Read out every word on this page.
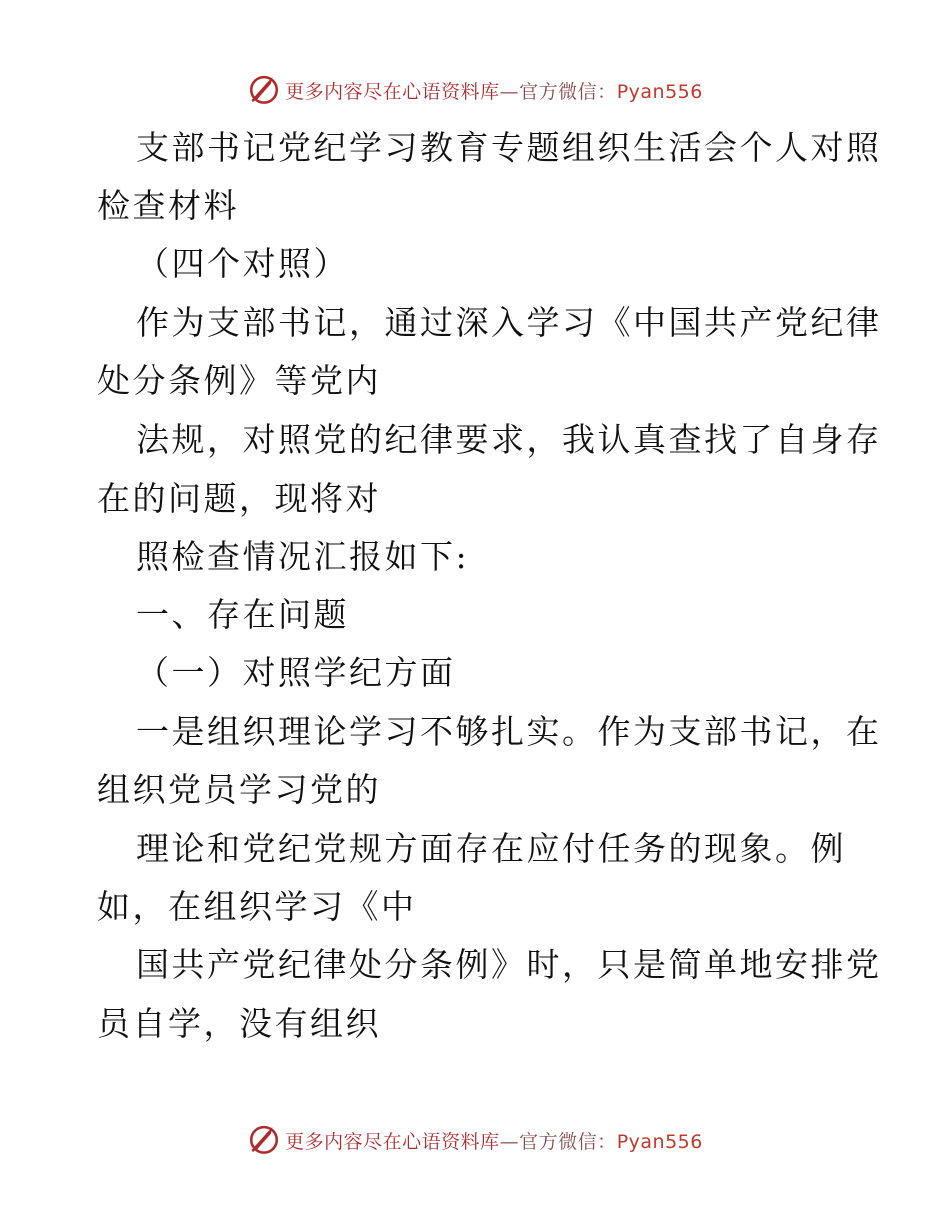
更多内容尽在心语资料库—官方微信：Pyan556
支部书记党纪学习教育专题组织生活会个人对照
检查材料
（四个对照）
作为支部书记，通过深入学习《中国共产党纪律
处分条例》等党内
法规，对照党的纪律要求，我认真查找了自身存
在的问题，现将对
照检查情况汇报如下:
一、存在问题
（一）对照学纪方面
一是组织理论学习不够扎实。作为支部书记，在
组织党员学习党的
理论和党纪党规方面存在应付任务的现象。例
如，在组织学习《中
国共产党纪律处分条例》时，只是简单地安排党
员自学，没有组织
更多内容尽在心语资料库—官方微信：Pyan556
